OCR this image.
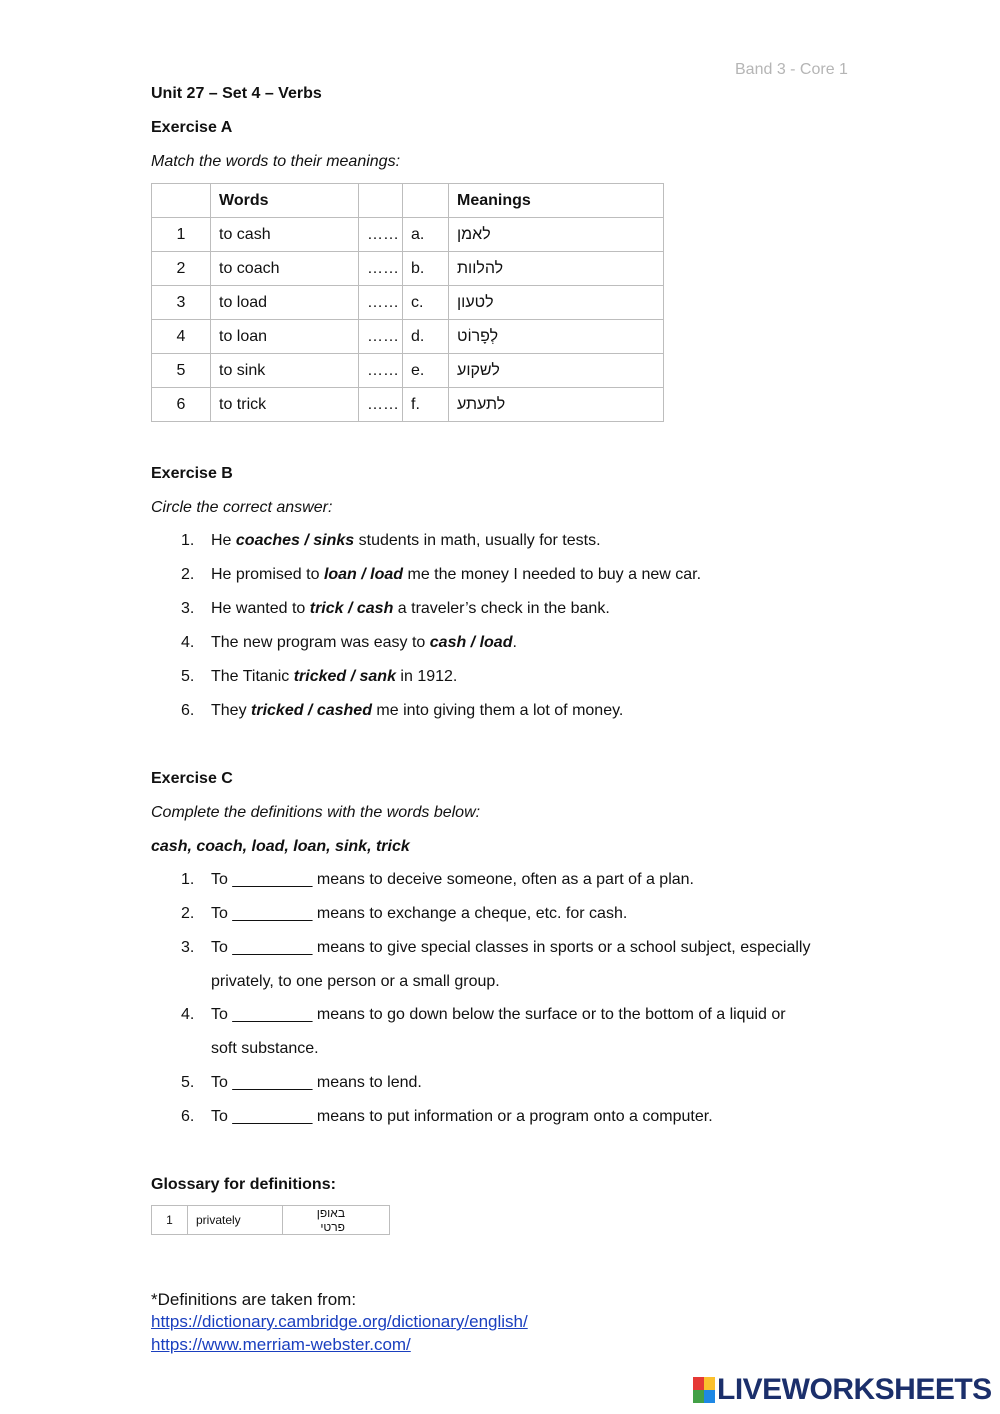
Band 3 - Core 1
Unit 27 – Set 4 – Verbs
Exercise A
Match the words to their meanings:
	Words			Meanings
1	to cash	……	a.	לאמן
2	to coach	……	b.	להלוות
3	to load	……	c.	לטעון
4	to loan	……	d.	לְפָרוֹט
5	to sink	……	e.	לשקוע
6	to trick	……	f.	לתעתע
Exercise B
Circle the correct answer:
1. He coaches / sinks students in math, usually for tests.
2. He promised to loan / load me the money I needed to buy a new car.
3. He wanted to trick / cash a traveler’s check in the bank.
4. The new program was easy to cash / load.
5. The Titanic tricked / sank in 1912.
6. They tricked / cashed me into giving them a lot of money.
Exercise C
Complete the definitions with the words below:
cash, coach, load, loan, sink, trick
1. To _________ means to deceive someone, often as a part of a plan.
2. To _________ means to exchange a cheque, etc. for cash.
3. To _________ means to give special classes in sports or a school subject, especially
privately, to one person or a small group.
4. To _________ means to go down below the surface or to the bottom of a liquid or
soft substance.
5. To _________ means to lend.
6. To _________ means to put information or a program onto a computer.
Glossary for definitions:
1	privately	באופן פרטי
*Definitions are taken from:
https://dictionary.cambridge.org/dictionary/english/
https://www.merriam-webster.com/
LIVEWORKSHEETS
